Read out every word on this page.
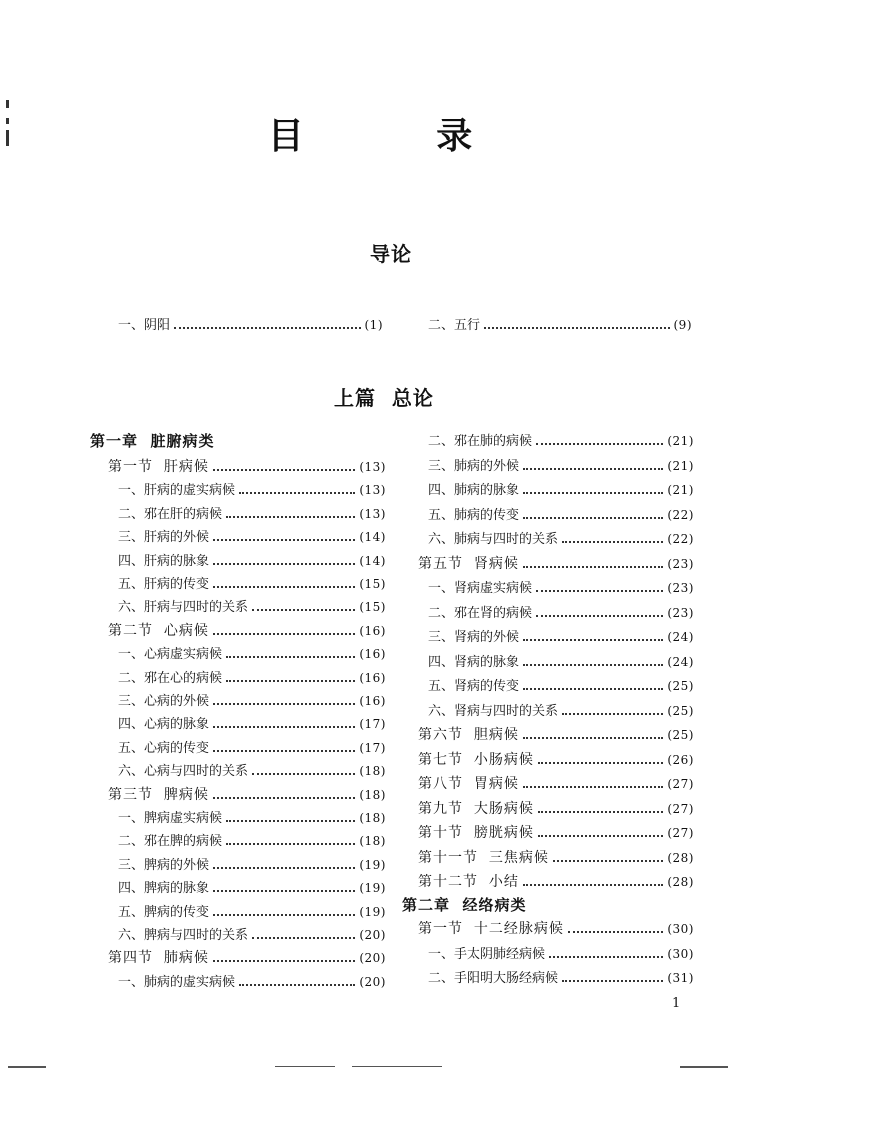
目 录
导论
一、阴阳	(1)	二、五行	(9)
上篇  总论
第一章  脏腑病类
第一节  肝病候	(13)
一、肝病的虚实病候	(13)
二、邪在肝的病候	(13)
三、肝病的外候	(14)
四、肝病的脉象	(14)
五、肝病的传变	(15)
六、肝病与四时的关系	(15)
第二节  心病候	(16)
一、心病虚实病候	(16)
二、邪在心的病候	(16)
三、心病的外候	(16)
四、心病的脉象	(17)
五、心病的传变	(17)
六、心病与四时的关系	(18)
第三节  脾病候	(18)
一、脾病虚实病候	(18)
二、邪在脾的病候	(18)
三、脾病的外候	(19)
四、脾病的脉象	(19)
五、脾病的传变	(19)
六、脾病与四时的关系	(20)
第四节  肺病候	(20)
一、肺病的虚实病候	(20)
二、邪在肺的病候	(21)
三、肺病的外候	(21)
四、肺病的脉象	(21)
五、肺病的传变	(22)
六、肺病与四时的关系	(22)
第五节  肾病候	(23)
一、肾病虚实病候	(23)
二、邪在肾的病候	(23)
三、肾病的外候	(24)
四、肾病的脉象	(24)
五、肾病的传变	(25)
六、肾病与四时的关系	(25)
第六节  胆病候	(25)
第七节  小肠病候	(26)
第八节  胃病候	(27)
第九节  大肠病候	(27)
第十节  膀胱病候	(27)
第十一节  三焦病候	(28)
第十二节  小结	(28)
第二章  经络病类
第一节  十二经脉病候	(30)
一、手太阴肺经病候	(30)
二、手阳明大肠经病候	(31)
1
